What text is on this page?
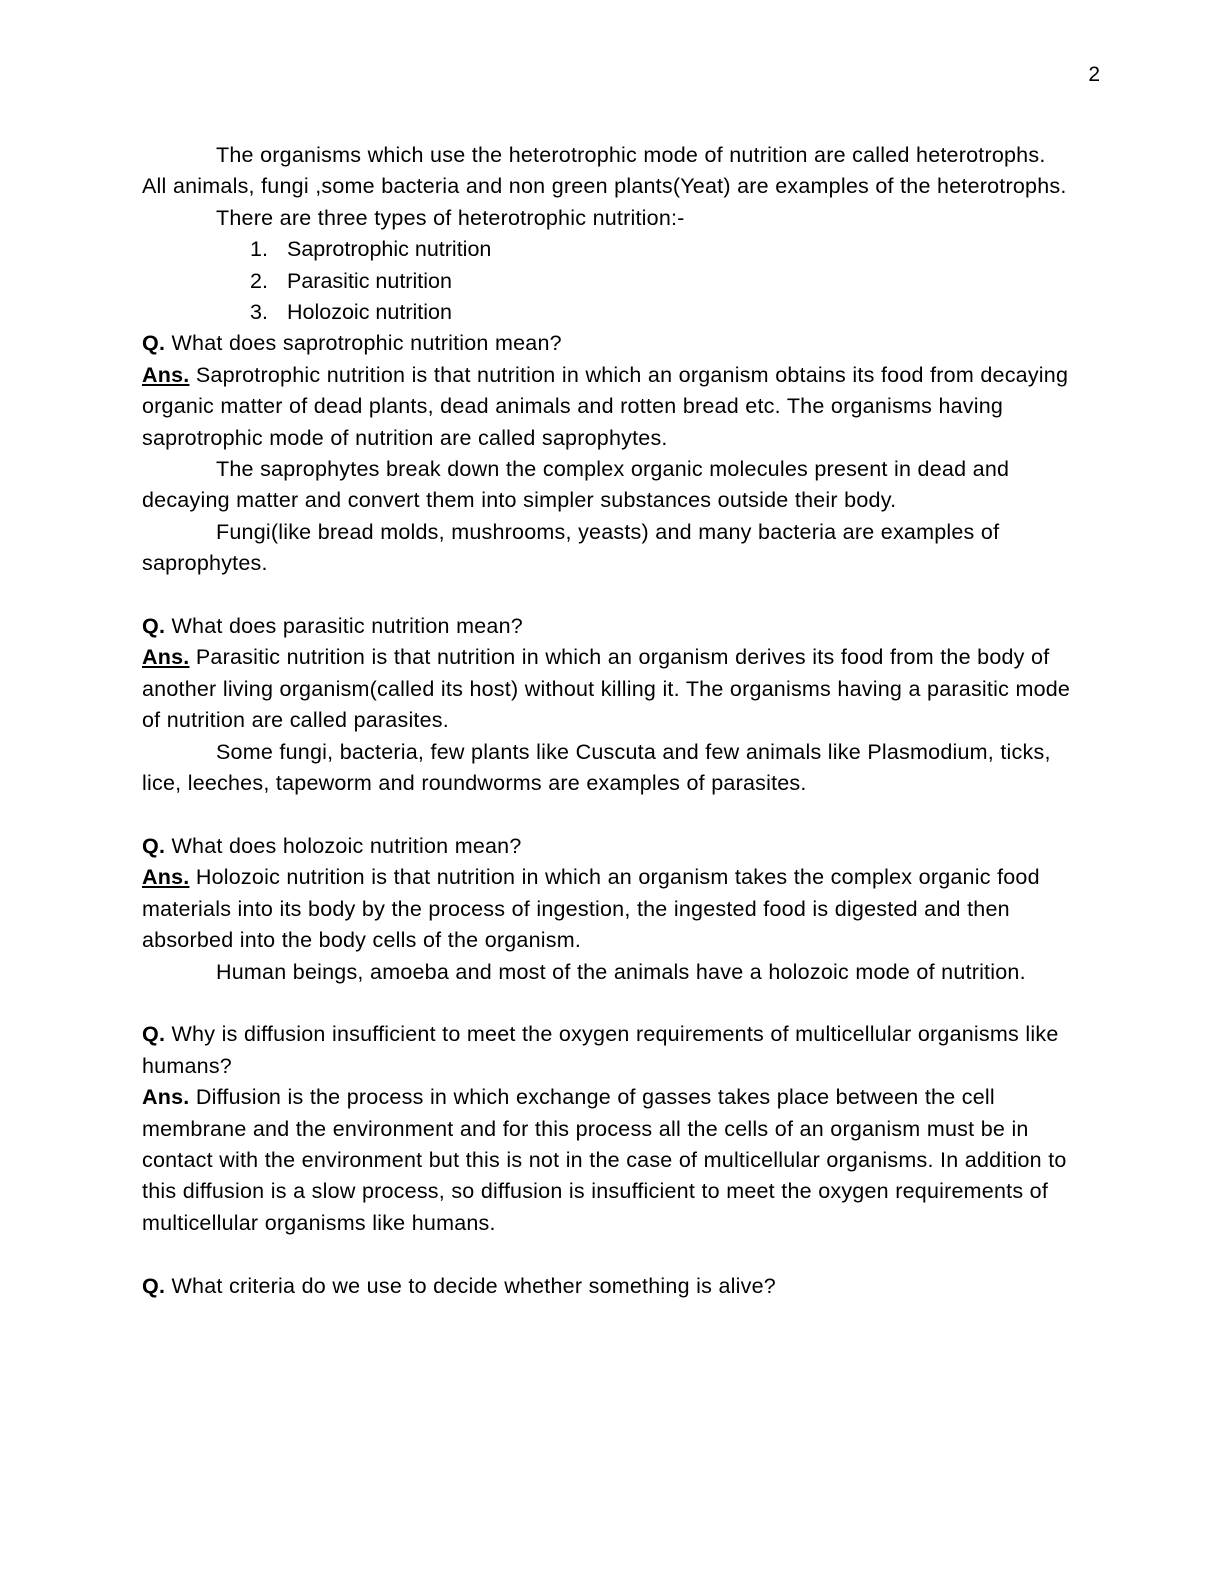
2

The organisms which use the heterotrophic mode of nutrition are called heterotrophs. All animals, fungi ,some bacteria and non green plants(Yeat) are examples of the heterotrophs.

There are three types of heterotrophic nutrition:-

1. Saprotrophic nutrition
2. Parasitic nutrition
3. Holozoic nutrition

Q. What does saprotrophic nutrition mean?

Ans. Saprotrophic nutrition is that nutrition in which an organism obtains its food from decaying organic matter of dead plants, dead animals and rotten bread etc. The organisms having saprotrophic mode of nutrition are called saprophytes.

The saprophytes break down the complex organic molecules present in dead and decaying matter and convert them into simpler substances outside their body.

Fungi(like bread molds, mushrooms, yeasts) and many bacteria are examples of saprophytes.

Q. What does parasitic nutrition mean?

Ans. Parasitic nutrition is that nutrition in which an organism derives its food from the body of another living organism(called its host) without killing it. The organisms having a parasitic mode of nutrition are called parasites.

Some fungi, bacteria, few plants like Cuscuta and few animals like Plasmodium, ticks, lice, leeches, tapeworm and roundworms are examples of parasites.

Q. What does holozoic nutrition mean?

Ans. Holozoic nutrition is that nutrition in which an organism takes the complex organic food materials into its body by the process of ingestion, the ingested food is digested and then absorbed into the body cells of the organism.

Human beings, amoeba and most of the animals have a holozoic mode of nutrition.

Q. Why is diffusion insufficient to meet the oxygen requirements of multicellular organisms like humans?

Ans. Diffusion is the process in which exchange of gasses takes place between the cell membrane and the environment and for this process all the cells of an organism must be in contact with the environment but this is not in the case of multicellular organisms. In addition to this diffusion is a slow process, so diffusion is insufficient to meet the oxygen requirements of multicellular organisms like humans.

Q. What criteria do we use to decide whether something is alive?
